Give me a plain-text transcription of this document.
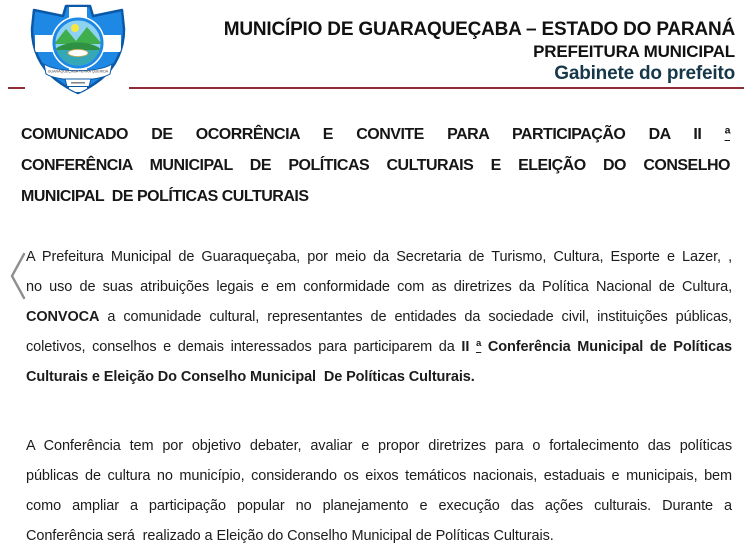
GUARAQUEÇABA TERRA QUERIDA
MUNICÍPIO DE GUARAQUEÇABA – ESTADO DO PARANÁ
PREFEITURA MUNICIPAL
Gabinete do prefeito
COMUNICADO DE OCORRÊNCIA E CONVITE PARA PARTICIPAÇÃO DA II ª
CONFERÊNCIA MUNICIPAL DE POLÍTICAS CULTURAIS E ELEIÇÃO DO CONSELHO
MUNICIPAL  DE POLÍTICAS CULTURAIS
A Prefeitura Municipal de Guaraqueçaba, por meio da Secretaria de Turismo, Cultura, Esporte e Lazer, ,
no uso de suas atribuições legais e em conformidade com as diretrizes da Política Nacional de Cultura,
CONVOCA a comunidade cultural, representantes de entidades da sociedade civil, instituições públicas,
coletivos, conselhos e demais interessados para participarem da II ª Conferência Municipal de Políticas
Culturais e Eleição Do Conselho Municipal  De Políticas Culturais.
A Conferência tem por objetivo debater, avaliar e propor diretrizes para o fortalecimento das políticas
públicas de cultura no município, considerando os eixos temáticos nacionais, estaduais e municipais, bem
como ampliar a participação popular no planejamento e execução das ações culturais. Durante a
Conferência será  realizado a Eleição do Conselho Municipal de Políticas Culturais.
